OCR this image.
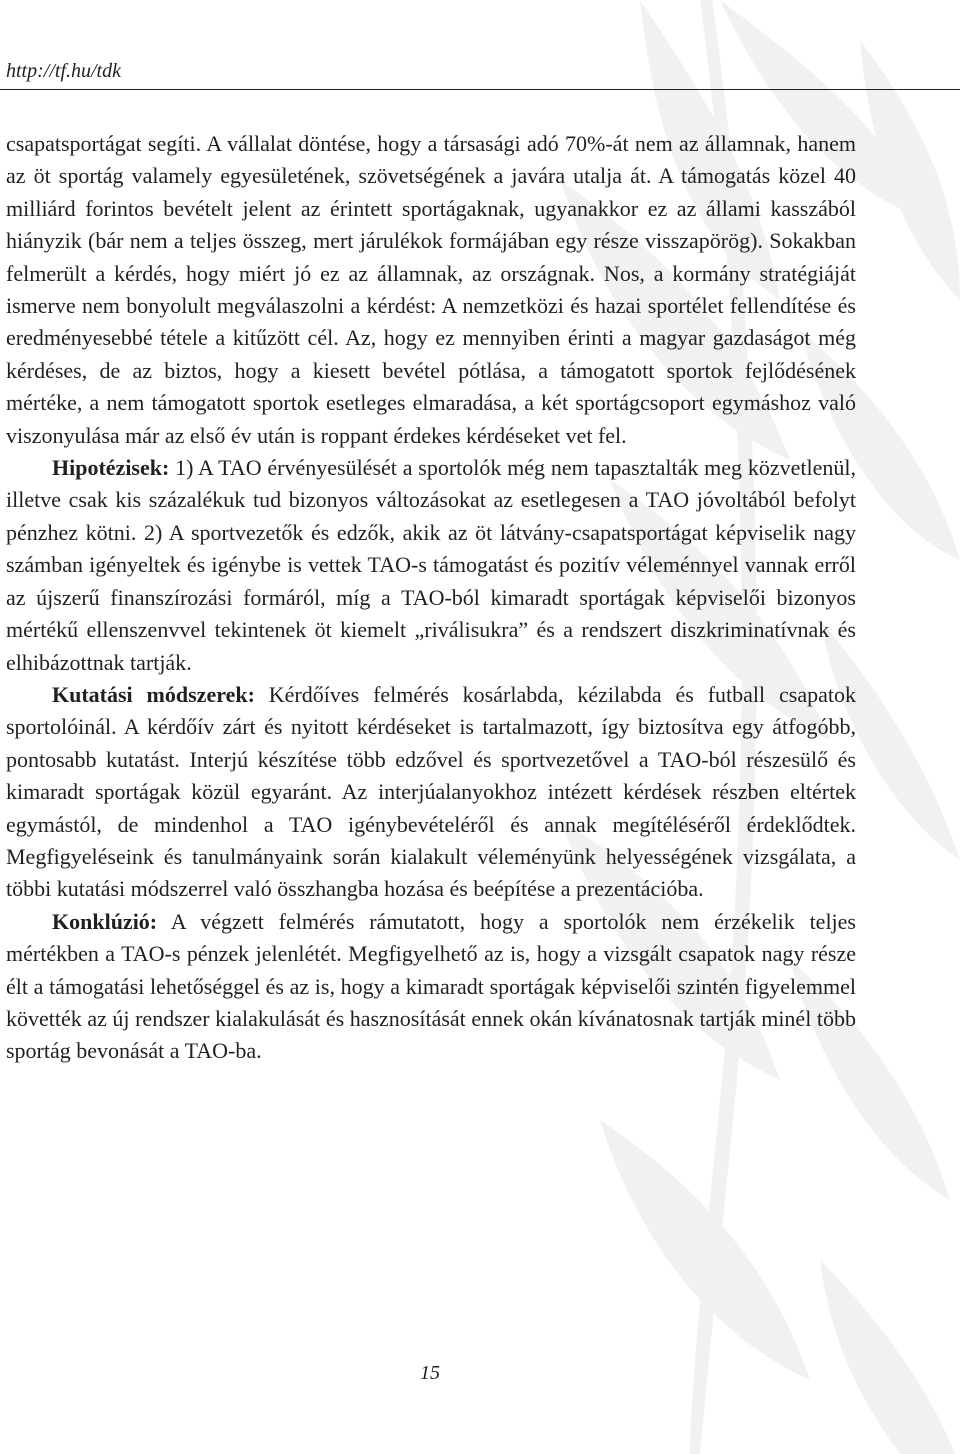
http://tf.hu/tdk

csapatsportágat segíti. A vállalat döntése, hogy a társasági adó 70%-át nem az államnak, hanem az öt sportág valamely egyesületének, szövetségének a javára utalja át. A támogatás közel 40 milliárd forintos bevételt jelent az érintett sportágaknak, ugyanakkor ez az állami kasszából hiányzik (bár nem a teljes összeg, mert járulékok formájában egy része visszapörög). Sokakban felmerült a kérdés, hogy miért jó ez az államnak, az országnak. Nos, a kormány stratégiáját ismerve nem bonyolult megválaszolni a kérdést: A nemzetközi és hazai sportélet fellendítése és eredményesebbé tétele a kitűzött cél. Az, hogy ez mennyiben érinti a magyar gazdaságot még kérdéses, de az biztos, hogy a kiesett bevétel pótlása, a támogatott sportok fejlődésének mértéke, a nem támogatott sportok esetleges elmaradása, a két sportágcsoport egymáshoz való viszonyulása már az első év után is roppant érdekes kérdéseket vet fel.

Hipotézisek: 1) A TAO érvényesülését a sportolók még nem tapasztalták meg közvetlenül, illetve csak kis százalékuk tud bizonyos változásokat az esetlegesen a TAO jóvoltából befolyt pénzhez kötni. 2) A sportvezetők és edzők, akik az öt látvány-csapatsportágat képviselik nagy számban igényeltek és igénybe is vettek TAO-s támogatást és pozitív véleménnyel vannak erről az újszerű finanszírozási formáról, míg a TAO-ból kimaradt sportágak képviselői bizonyos mértékű ellenszenvvel tekintenek öt kiemelt „riválisukra” és a rendszert diszkriminatívnak és elhibázottnak tartják.

Kutatási módszerek: Kérdőíves felmérés kosárlabda, kézilabda és futball csapatok sportolóinál. A kérdőív zárt és nyitott kérdéseket is tartalmazott, így biztosítva egy átfogóbb, pontosabb kutatást. Interjú készítése több edzővel és sportvezetővel a TAO-ból részesülő és kimaradt sportágak közül egyaránt. Az interjúalanyokhoz intézett kérdések részben eltértek egymástól, de mindenhol a TAO igénybevételéről és annak megítéléséről érdeklődtek. Megfigyeléseink és tanulmányaink során kialakult véleményünk helyességének vizsgálata, a többi kutatási módszerrel való összhangba hozása és beépítése a prezentációba.

Konklúzió: A végzett felmérés rámutatott, hogy a sportolók nem érzékelik teljes mértékben a TAO-s pénzek jelenlétét. Megfigyelhető az is, hogy a vizsgált csapatok nagy része élt a támogatási lehetőséggel és az is, hogy a kimaradt sportágak képviselői szintén figyelemmel követték az új rendszer kialakulását és hasznosítását ennek okán kívánatosnak tartják minél több sportág bevonását a TAO-ba.

15
